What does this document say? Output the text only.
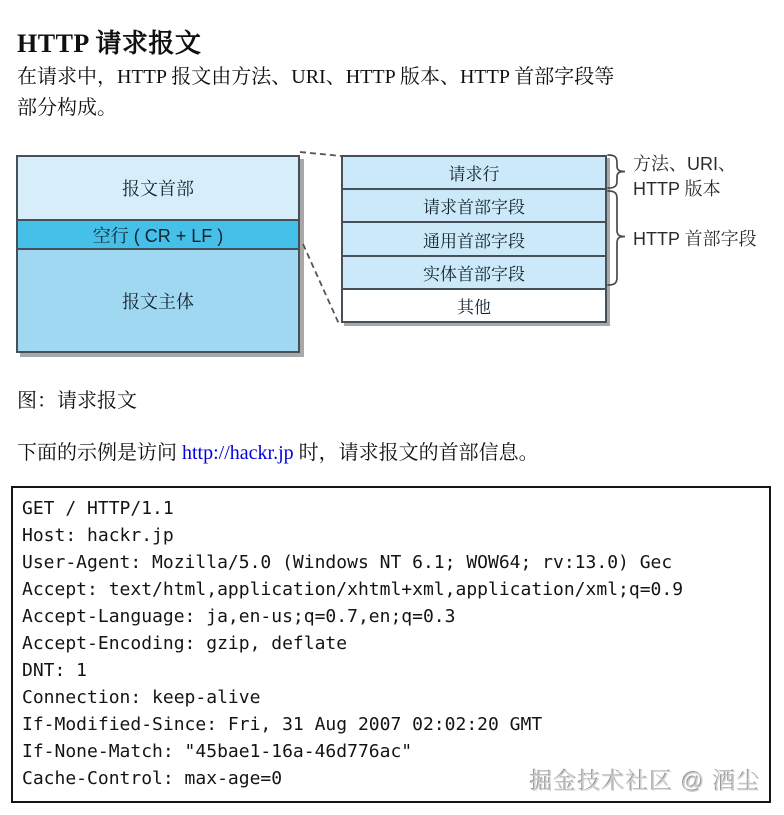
HTTP 请求报文
在请求中，HTTP 报文由方法、URI、HTTP 版本、HTTP 首部字段等
部分构成。
报文首部
空行 ( CR + LF )
报文主体
请求行
请求首部字段
通用首部字段
实体首部字段
其他
方法、URI、
HTTP 版本
HTTP 首部字段
图：请求报文
下面的示例是访问 http://hackr.jp 时，请求报文的首部信息。
GET / HTTP/1.1
Host: hackr.jp
User-Agent: Mozilla/5.0 (Windows NT 6.1; WOW64; rv:13.0) Gec
Accept: text/html,application/xhtml+xml,application/xml;q=0.9
Accept-Language: ja,en-us;q=0.7,en;q=0.3
Accept-Encoding: gzip, deflate
DNT: 1
Connection: keep-alive
If-Modified-Since: Fri, 31 Aug 2007 02:02:20 GMT
If-None-Match: "45bae1-16a-46d776ac"
Cache-Control: max-age=0	掘金技术社区 @ 酒尘
